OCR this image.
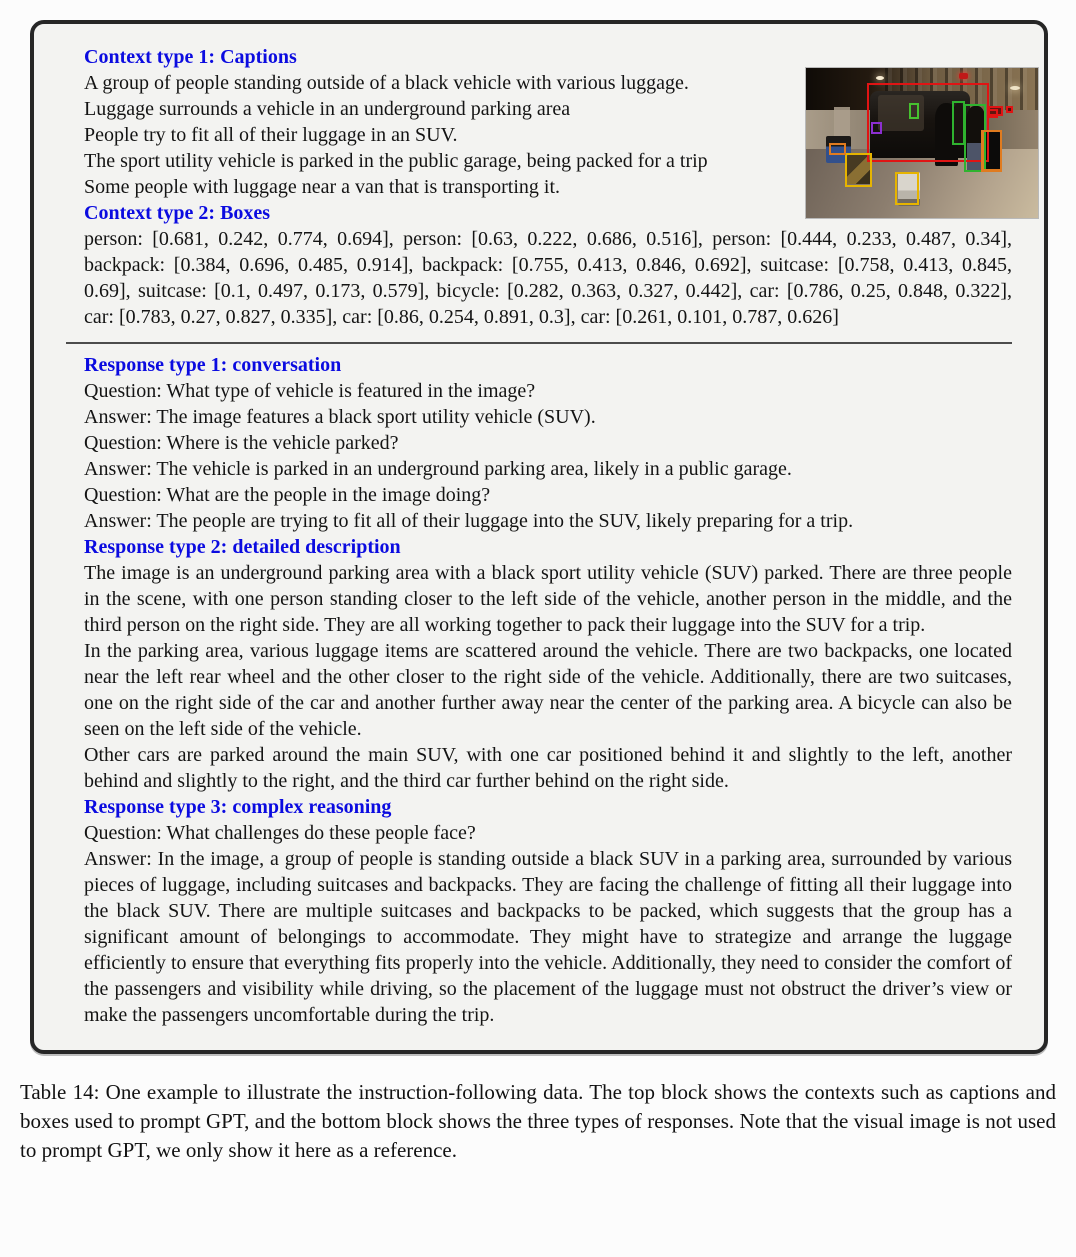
Context type 1: Captions
A group of people standing outside of a black vehicle with various luggage.
Luggage surrounds a vehicle in an underground parking area
People try to fit all of their luggage in an SUV.
The sport utility vehicle is parked in the public garage, being packed for a trip
Some people with luggage near a van that is transporting it.
Context type 2: Boxes

person: [0.681, 0.242, 0.774, 0.694], person: [0.63, 0.222, 0.686, 0.516], person: [0.444, 0.233, 0.487, 0.34], backpack: [0.384, 0.696, 0.485, 0.914], backpack: [0.755, 0.413, 0.846, 0.692], suitcase: [0.758, 0.413, 0.845, 0.69], suitcase: [0.1, 0.497, 0.173, 0.579], bicycle: [0.282, 0.363, 0.327, 0.442], car: [0.786, 0.25, 0.848, 0.322], car: [0.783, 0.27, 0.827, 0.335], car: [0.86, 0.254, 0.891, 0.3], car: [0.261, 0.101, 0.787, 0.626]

Response type 1: conversation
Question: What type of vehicle is featured in the image?
Answer: The image features a black sport utility vehicle (SUV).
Question: Where is the vehicle parked?
Answer: The vehicle is parked in an underground parking area, likely in a public garage.
Question: What are the people in the image doing?
Answer: The people are trying to fit all of their luggage into the SUV, likely preparing for a trip.
Response type 2: detailed description

The image is an underground parking area with a black sport utility vehicle (SUV) parked. There are three people in the scene, with one person standing closer to the left side of the vehicle, another person in the middle, and the third person on the right side. They are all working together to pack their luggage into the SUV for a trip.

In the parking area, various luggage items are scattered around the vehicle. There are two backpacks, one located near the left rear wheel and the other closer to the right side of the vehicle. Additionally, there are two suitcases, one on the right side of the car and another further away near the center of the parking area. A bicycle can also be seen on the left side of the vehicle.

Other cars are parked around the main SUV, with one car positioned behind it and slightly to the left, another behind and slightly to the right, and the third car further behind on the right side.

Response type 3: complex reasoning
Question: What challenges do these people face?

Answer: In the image, a group of people is standing outside a black SUV in a parking area, surrounded by various pieces of luggage, including suitcases and backpacks. They are facing the challenge of fitting all their luggage into the black SUV. There are multiple suitcases and backpacks to be packed, which suggests that the group has a significant amount of belongings to accommodate. They might have to strategize and arrange the luggage efficiently to ensure that everything fits properly into the vehicle. Additionally, they need to consider the comfort of the passengers and visibility while driving, so the placement of the luggage must not obstruct the driver’s view or make the passengers uncomfortable during the trip.

Table 14: One example to illustrate the instruction-following data. The top block shows the contexts such as captions and boxes used to prompt GPT, and the bottom block shows the three types of responses. Note that the visual image is not used to prompt GPT, we only show it here as a reference.
